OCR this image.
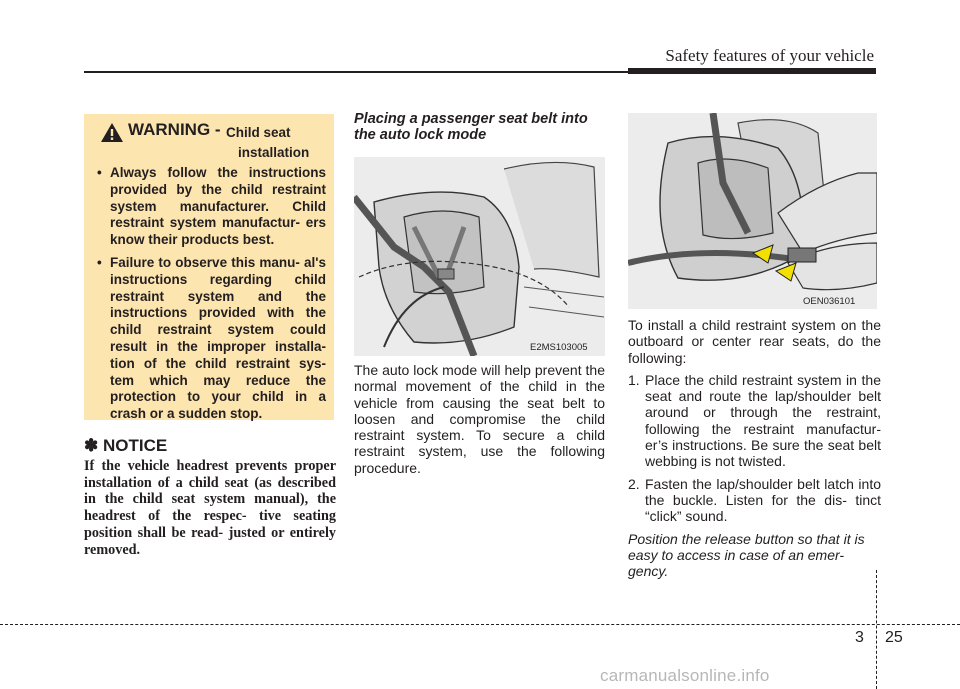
Safety features of your vehicle
WARNING - Child seat
installation
• Always follow the instructions provided by the child restraint system manufacturer. Child restraint system manufactur- ers know their products best.
• Failure to observe this manu- al's instructions regarding child restraint system and the instructions provided with the child restraint system could result in the improper installa- tion of the child restraint sys- tem which may reduce the protection to your child in a crash or a sudden stop.
✽ NOTICE
If the vehicle headrest prevents proper installation of a child seat (as described in the child seat system manual), the headrest of the respec- tive seating position shall be read- justed or entirely removed.
Placing a passenger seat belt into the auto lock mode
E2MS103005
The auto lock mode will help prevent the normal movement of the child in the vehicle from causing the seat belt to loosen and compromise the child restraint system. To secure a child restraint system, use the following procedure.
OEN036101
To install a child restraint system on the outboard or center rear seats, do the following:
1. Place the child restraint system in the seat and route the lap/shoulder belt around or through the restraint, following the restraint manufactur- er’s instructions. Be sure the seat belt webbing is not twisted.
2. Fasten the lap/shoulder belt latch into the buckle. Listen for the dis- tinct “click” sound.
Position the release button so that it is easy to access in case of an emer- gency.
3 25
carmanualsonline.info
